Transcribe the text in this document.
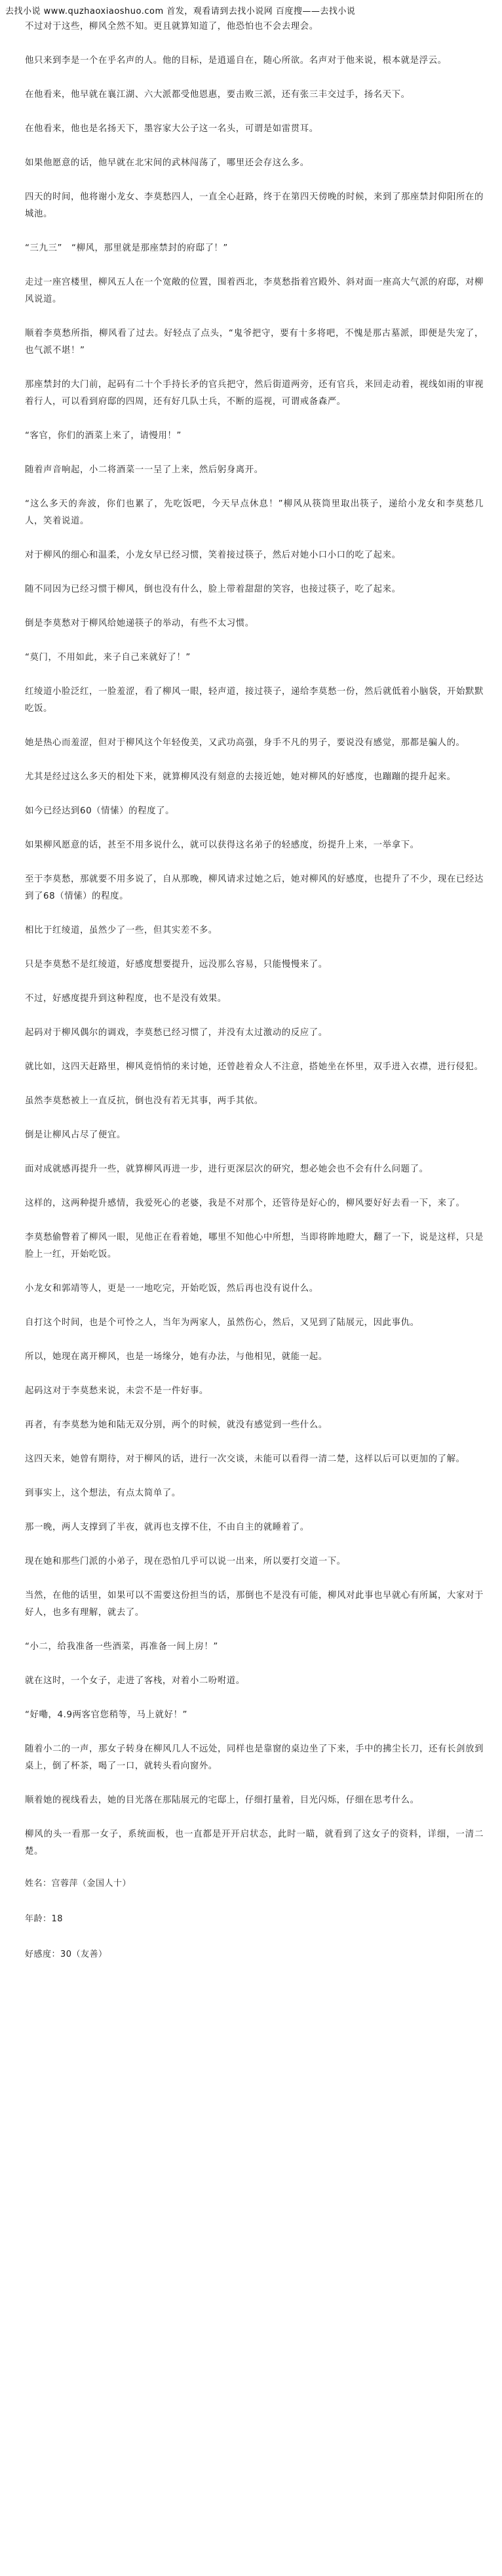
去找小说 www.quzhaoxiaoshuo.com 首发，观看请到去找小说网 百度搜——去找小说

不过对于这些，柳风全然不知。更且就算知道了，他恐怕也不会去理会。

他只来到李是一个在乎名声的人。他的目标，是逍遥自在，随心所欲。名声对于他来说，根本就是浮云。

在他看来，他早就在襄江湖、六大派都受他恩惠，要击败三派，还有张三丰交过手，扬名天下。

在他看来，他也是名扬天下，墨容家大公子这一名头，可谓是如雷贯耳。

如果他愿意的话，他早就在北宋间的武林闯荡了，哪里还会存这么多。

四天的时间，他将谢小龙女、李莫愁四人，一直全心赶路，终于在第四天傍晚的时候，来到了那座禁封仰阳所在的城池。

“三九三”　“柳风，那里就是那座禁封的府邸了！”

走过一座宫楼里，柳风五人在一个宽敞的位置，围着西北，李莫愁指着宫殿外、斜对面一座高大气派的府邸，对柳风说道。

顺着李莫愁所指，柳风看了过去。好轻点了点头，“鬼爷把守，要有十多将吧，不愧是那古墓派，即便是失宠了，也气派不堪！”

那座禁封的大门前，起码有二十个手持长矛的官兵把守，然后街道两旁，还有官兵，来回走动着，视线如雨的审视着行人，可以看到府邸的四周，还有好几队士兵，不断的巡视，可谓戒备森严。

“客官，你们的酒菜上来了，请慢用！”

随着声音响起，小二将酒菜一一呈了上来，然后躬身离开。

“这么多天的奔波，你们也累了，先吃饭吧，今天早点休息！”柳风从筷筒里取出筷子，递给小龙女和李莫愁几人，笑着说道。

对于柳风的细心和温柔，小龙女早已经习惯，笑着接过筷子，然后对她小口小口的吃了起来。

随不同因为已经习惯于柳风，倒也没有什么，脸上带着甜甜的笑容，也接过筷子，吃了起来。

倒是李莫愁对于柳风给她递筷子的举动，有些不太习惯。

“莫门，不用如此，来子自己来就好了！”

红绫道小脸泛红，一脸羞涩，看了柳风一眼，轻声道，接过筷子，递给李莫愁一份，然后就低着小脑袋，开始默默吃饭。

她是热心而羞涩，但对于柳风这个年轻俊美，又武功高强，身手不凡的男子，要说没有感觉，那都是骗人的。

尤其是经过这么多天的相处下来，就算柳风没有刻意的去接近她，她对柳风的好感度，也蹦蹦的提升起来。

如今已经达到60（情愫）的程度了。

如果柳风愿意的话，甚至不用多说什么，就可以获得这名弟子的轻感度，纷提升上来，一举拿下。

至于李莫愁，那就要不用多说了，自从那晚，柳风请求过她之后，她对柳风的好感度，也提升了不少，现在已经达到了68（情愫）的程度。

相比于红绫道，虽然少了一些，但其实差不多。

只是李莫愁不是红绫道，好感度想要提升，远没那么容易，只能慢慢来了。

不过，好感度提升到这种程度，也不是没有效果。

起码对于柳风偶尔的调戏，李莫愁已经习惯了，并没有太过激动的反应了。

就比如，这四天赶路里，柳风竟悄悄的来讨她，还曾趁着众人不注意，搭她坐在怀里，双手进入衣襟，进行侵犯。

虽然李莫愁被上一直反抗，倒也没有若无其事，两手其依。

倒是让柳风占尽了便宜。

面对成就感再提升一些，就算柳风再进一步，进行更深层次的研究，想必她会也不会有什么问题了。

这样的，这两种提升感情，我爱死心的老婆，我是不对那个，还管待是好心的，柳风要好好去看一下，来了。

李莫愁偷瞥着了柳风一眼，见他正在看着她，哪里不知他心中所想，当即将眸地瞪大，翻了一下，说是这样，只是脸上一红，开始吃饭。

小龙女和郭靖等人，更是一一地吃完，开始吃饭，然后再也没有说什么。

自打这个时间，也是个可怜之人，当年为两家人，虽然伤心，然后，又见到了陆展元，因此事仇。

所以，她现在离开柳风，也是一场缘分，她有办法，与他相见，就能一起。

起码这对于李莫愁来说，未尝不是一件好事。

再者，有李莫愁为她和陆无双分别，两个的时候，就没有感觉到一些什么。

这四天来，她曾有期待，对于柳风的话，进行一次交谈，未能可以看得一清二楚，这样以后可以更加的了解。

到事实上，这个想法，有点太简单了。

那一晚，两人支撑到了半夜，就再也支撑不住，不由自主的就睡着了。

现在她和那些门派的小弟子，现在恐怕几乎可以说一出来，所以要打交道一下。

当然，在他的话里，如果可以不需要这份担当的话，那倒也不是没有可能，柳风对此事也早就心有所属，大家对于好人，也多有理解，就去了。

“小二，给我准备一些酒菜，再准备一间上房！”

就在这时，一个女子，走进了客栈，对着小二吩咐道。

“好嘞，4.9两客官您稍等，马上就好！”

随着小二的一声，那女子转身在柳风几人不远处，同样也是靠窗的桌边坐了下来，手中的拂尘长刀，还有长剑放到桌上，倒了杯茶，喝了一口，就转头看向窗外。

顺着她的视线看去，她的目光落在那陆展元的宅邸上，仔细打量着，目光闪烁，仔细在思考什么。

柳风的头一看那一女子，系统面板，也一直都是开开启状态，此时一瞄，就看到了这女子的资料，详细，一清二楚。

姓名：宫蓉萍（金国人十）
年龄：18
好感度：30（友善）
